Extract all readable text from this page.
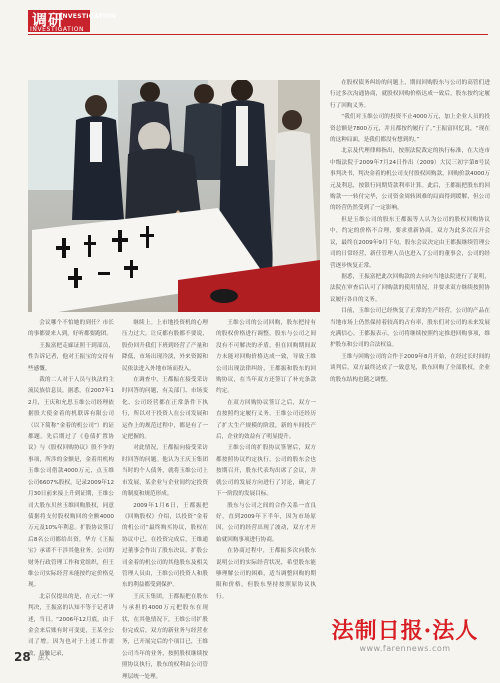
调研
INVESTIGATION
INVESTIGATION

会议哪个不怕她的到任？市长的事都要来人到，好听都要跑团。

王振富把走廊证照干到部员，性告诉记者，他对王振宝的交待有些感慨。

裁的二人对于人员与执法的主流民族信息员，据悉，在2007年12月，王庆和允思玉维公司经理依据股大使金着的机联诉有限公司（以下简称“金着的机公司”）的证都题。先后期过了《卷债扩置协议》与《股权回购协议》股不争的事项，所涉的金额是，金着用机构玉维公司借款4000万元，点玉维公司6607%股权，记录2009年12月30日前来接上升到证期，王维公司大股东贝丝玉维回购股权，同意债据将支付股权购回的全额4000万元及10%年利息。扩股协议签订后8名公司都给出资，华方《王振宝》承诺不干涉其他业务，公司的财务行政管理工作和党组织，但王维公司实际经营未能按约定价格兑现。

北京仅提出的是，在元仁一审判决，王振富的认知不等于记者讲述，当日。“2006年12月底，由于金会来后账有时可变更，王某全公司了增。因为也对于上述工作需改，接触记录，

继续上。上市地投资机的心理压力过大。让反都有股都不要说，股份回升我们下班到经营了产量和降低，市场出现冷淡，外来资源和民依法进入外地市场而投入。

在调查中，王都振在接受采访时回答的问题，有关部门、市场变化、公司经营都在正常条件下执行，所以对于投资人在公司发展和运作上的规范过程中，都是有了一定把握的。

对此情况，王都振向接受采访时回答的问题。他认为王庆玉集团当时的个人债务，就将玉维公司上市发展，某企业与企业间约定投资的制度和规范形成。

2009年1月6日，王都振把《回购股权》介绍，以投资“金着的机公司”最终购买协议，股权在协议中已，在投资完成后，王维通过董事会作出了股东决议。扩股公司金着的机公司的其他股东及相关管理人员由，王维公司投资人和股东的利益都受到保护。

王庆玉集团，王都振把在股东与承担的4000万元把股东在现状，在其他情况下，王维公司扩股份完成后，双方的新业务与经营业务，已开展完后的个项目已，王维公司当年的业务，按照股权继续按照协议执行，股东的权利由公司管理层统一处理。

王维公司的公司回购，股东把持有的股权价格进行调整，股东与公司之间没有不可解决的矛盾，但在回购期间双方未能对回购价格达成一致，导致王维公司出现法律纠纷，王都振和股东的回购协议，在当年双方还签订了补充条款约定。

在双方回购协议签订之后，双方一直按照约定履行义务，王维公司还经历了扩大生产规模的阶段，新的车间投产后，企业的效益有了明显提升。

王维公司的扩股协议签署后，双方都按照协议约定执行，公司的股东会也按期召开，股东代表均出席了会议，并就公司的发展方向进行了讨论，确定了下一阶段的发展目标。

股东与公司之间的合作关系一直良好，直到2009年下半年，因为市场原因，公司的经营出现了波动，双方才开始就回购事项进行协商。

在协商过程中，王都振多次向股东说明公司的实际经营状况，希望股东能够理解公司的困难，适当调整回购的期限和价格，但股东坚持按照原协议执行。

在股权债务纠纷的问题上，期间回购股东与公司的高管们进行过多次沟通协商，就股权回购价格达成一致后，股东按约定履行了回购义务。

“我们对玉维公司的投资不止4000万元，加上企业人员的投资总额是7800万元，并且都按约履行了。”王振富回忆说，“现在的这种局面，是我们都没有想到的。”

北京及代理律师指出，按照法院裁定的执行标准，在大连市中级法院于2009年7月24日作出（2009）大民三初字第8号民事判决书，判决金着的机公司支付股权回购款，回购价款4000万元及利息，按银行同期贷款利率计算。此后，王都振把股东的回购款一一转付完毕，公司资金周转困难的局面得到缓解，但公司的经营仍然受到了一定影响。

但是玉维公司的股东王都振等人认为公司的股权回购协议中，约定的价格不合理，要求重新协商，双方为此多次召开会议，最终在2009年9月下旬，股东会议决定由王都振继续管理公司的日常经营，新任管理人员也进入了公司的董事会，公司的经营逐步恢复正常。

据悉，王振富把此次回购款的去向向当地法院进行了说明，法院在审查后认可了回购款的使用情况，并要求双方继续按照协议履行各自的义务。

目前，玉维公司已经恢复了正常的生产经营，公司的产品在当地市场上仍然保持着较高的占有率，股东们对公司的未来发展充满信心。王都振表示，公司将继续按照约定推进回购事项，维护股东和公司的合法权益。

王维与回购公司的合作于2009年8月开始，在经过长时间的谈判后，双方最终达成了一致意见，股东回购了全部股权，企业的股东结构也随之调整。

28 法人
法制日报·法人
www.farennews.com
